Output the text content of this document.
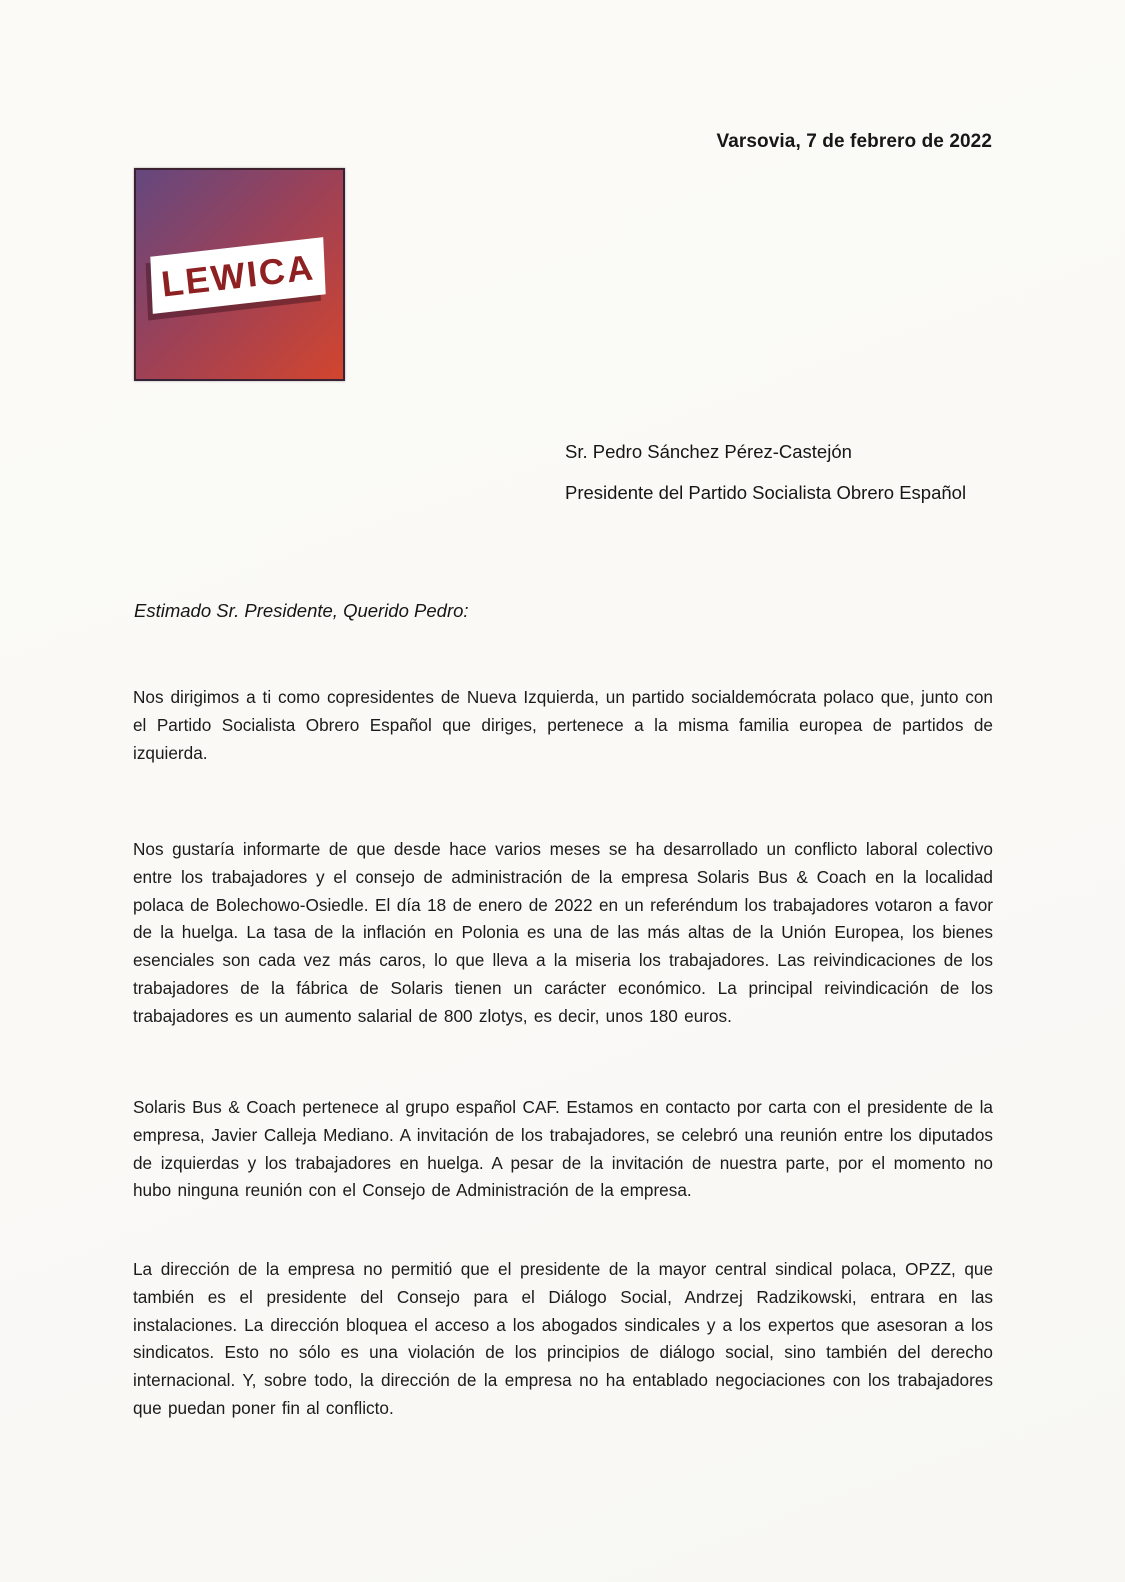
Varsovia, 7 de febrero de 2022
LEWICA
Sr. Pedro Sánchez Pérez-Castejón
Presidente del Partido Socialista Obrero Español
Estimado Sr. Presidente, Querido Pedro:
Nos dirigimos a ti como copresidentes de Nueva Izquierda, un partido socialdemócrata polaco que, junto con el Partido Socialista Obrero Español que diriges, pertenece a la misma familia europea de partidos de izquierda.
Nos gustaría informarte de que desde hace varios meses se ha desarrollado un conflicto laboral colectivo entre los trabajadores y el consejo de administración de la empresa Solaris Bus & Coach en la localidad polaca de Bolechowo-Osiedle. El día 18 de enero de 2022 en un referéndum los trabajadores votaron a favor de la huelga. La tasa de la inflación en Polonia es una de las más altas de la Unión Europea, los bienes esenciales son cada vez más caros, lo que lleva a la miseria los trabajadores. Las reivindicaciones de los trabajadores de la fábrica de Solaris tienen un carácter económico. La principal reivindicación de los trabajadores es un aumento salarial de 800 zlotys, es decir, unos 180 euros.
Solaris Bus & Coach pertenece al grupo español CAF. Estamos en contacto por carta con el presidente de la empresa, Javier Calleja Mediano. A invitación de los trabajadores, se celebró una reunión entre los diputados de izquierdas y los trabajadores en huelga. A pesar de la invitación de nuestra parte, por el momento no hubo ninguna reunión con el Consejo de Administración de la empresa.
La dirección de la empresa no permitió que el presidente de la mayor central sindical polaca, OPZZ, que también es el presidente del Consejo para el Diálogo Social, Andrzej Radzikowski, entrara en las instalaciones. La dirección bloquea el acceso a los abogados sindicales y a los expertos que asesoran a los sindicatos. Esto no sólo es una violación de los principios de diálogo social, sino también del derecho internacional. Y, sobre todo, la dirección de la empresa no ha entablado negociaciones con los trabajadores que puedan poner fin al conflicto.
